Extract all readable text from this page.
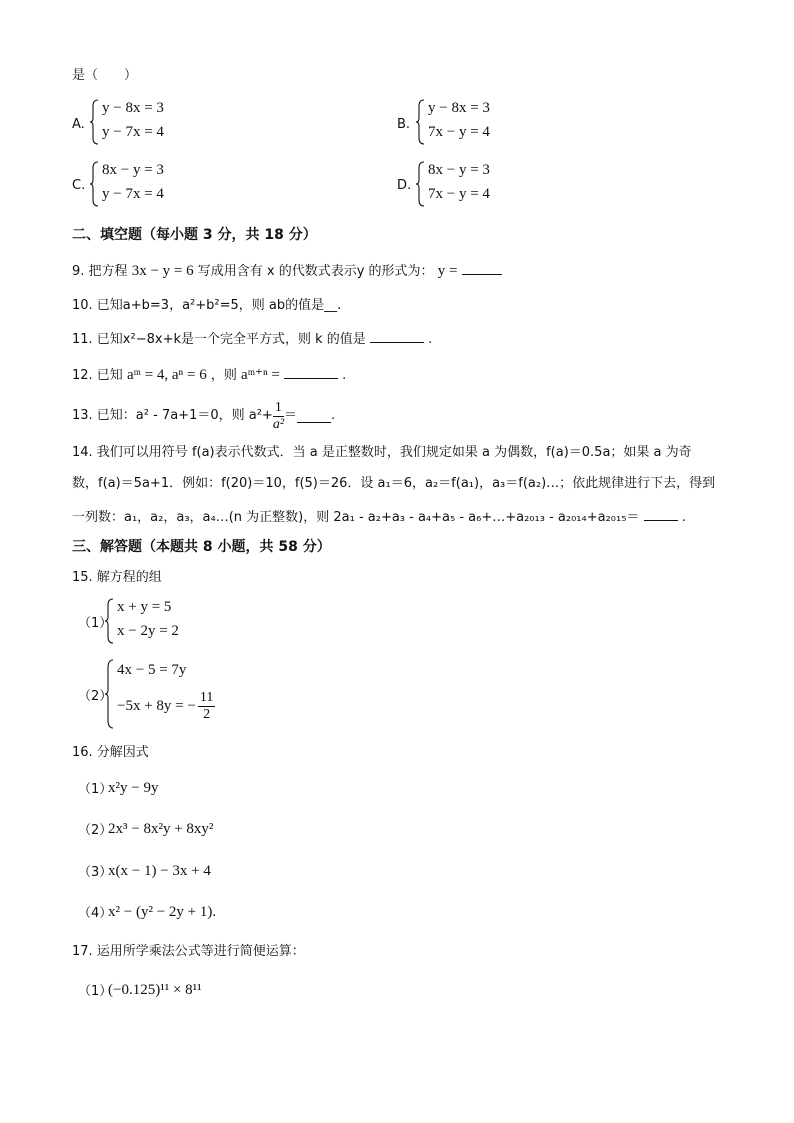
是（　　）
A.
y − 8x = 3
y − 7x = 4	B.
y − 8x = 3
7x − y = 4
C.
8x − y = 3
y − 7x = 4
D.
8x − y = 3
7x − y = 4
二、填空题（每小题 3 分，共 18 分）
9. 把方程 3x − y = 6 写成用含有 x 的代数式表示y 的形式为： y =
10. 已知a+b=3，a²+b²=5，则 ab的值是__.
11. 已知x²−8x+k是一个完全平方式，则 k 的值是	.
12. 已知 aᵐ = 4, aⁿ = 6 ，则 aᵐ⁺ⁿ =	.
13. 已知：a² - 7a+1＝0，则 $a^2+ \frac{1}{\text{a²}}$ ＝	.
14. 我们可以用符号 f(a)表示代数式．当 a 是正整数时，我们规定如果 a 为偶数，f(a)＝0.5a；如果 a 为奇
数，f(a)＝5a+1．例如：f(20)＝10，f(5)＝26．设 a₁＝6，a₂＝f(a₁)，a₃＝f(a₂)…；依此规律进行下去，得到
一列数：a₁，a₂，a₃，a₄…(n 为正整数)，则 2a₁ - a₂+a₃ - a₄+a₅ - a₆+…+a₂₀₁₃ - a₂₀₁₄+a₂₀₁₅＝	.
三、解答题（本题共 8 小题，共 58 分）
15. 解方程的组
（1）
x + y = 5
x − 2y = 2
（2）
4x − 5 = 7y
−5x + 8y = − $\frac{11}{2}$
16. 分解因式
（1）
x²y − 9y
（2）
2x³ − 8x²y + 8xy²
（3）
x(x − 1) − 3x + 4
（4）
x² − (y² − 2y + 1).
17. 运用所学乘法公式等进行简便运算：
（1）
(−0.125)¹¹ × 8¹¹
